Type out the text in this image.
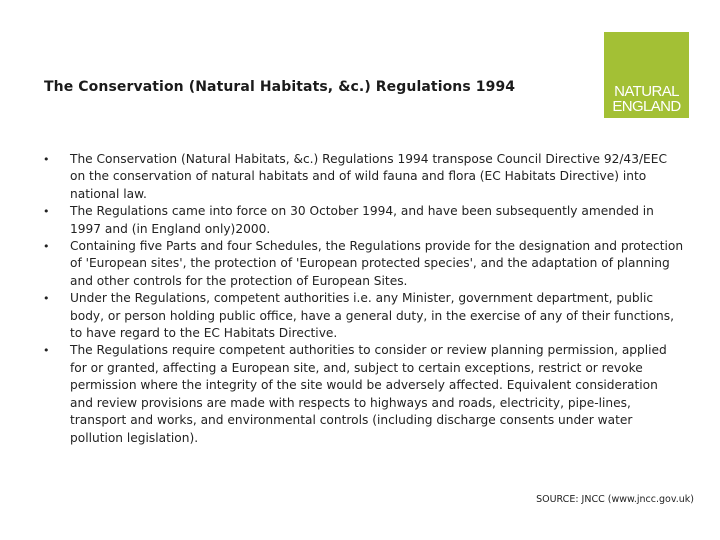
The Conservation (Natural Habitats, &c.) Regulations 1994	NATURAL
ENGLAND
• The Conservation (Natural Habitats, &c.) Regulations 1994 transpose Council Directive 92/43/EEC on the conservation of natural habitats and of wild fauna and flora (EC Habitats Directive) into national law.
• The Regulations came into force on 30 October 1994, and have been subsequently amended in 1997 and (in England only)2000.
• Containing five Parts and four Schedules, the Regulations provide for the designation and protection of 'European sites', the protection of 'European protected species', and the adaptation of planning and other controls for the protection of European Sites.
• Under the Regulations, competent authorities i.e. any Minister, government department, public body, or person holding public office, have a general duty, in the exercise of any of their functions, to have regard to the EC Habitats Directive.
• The Regulations require competent authorities to consider or review planning permission, applied for or granted, affecting a European site, and, subject to certain exceptions, restrict or revoke permission where the integrity of the site would be adversely affected. Equivalent consideration and review provisions are made with respects to highways and roads, electricity, pipe-lines, transport and works, and environmental controls (including discharge consents under water pollution legislation).
SOURCE: JNCC (www.jncc.gov.uk)
